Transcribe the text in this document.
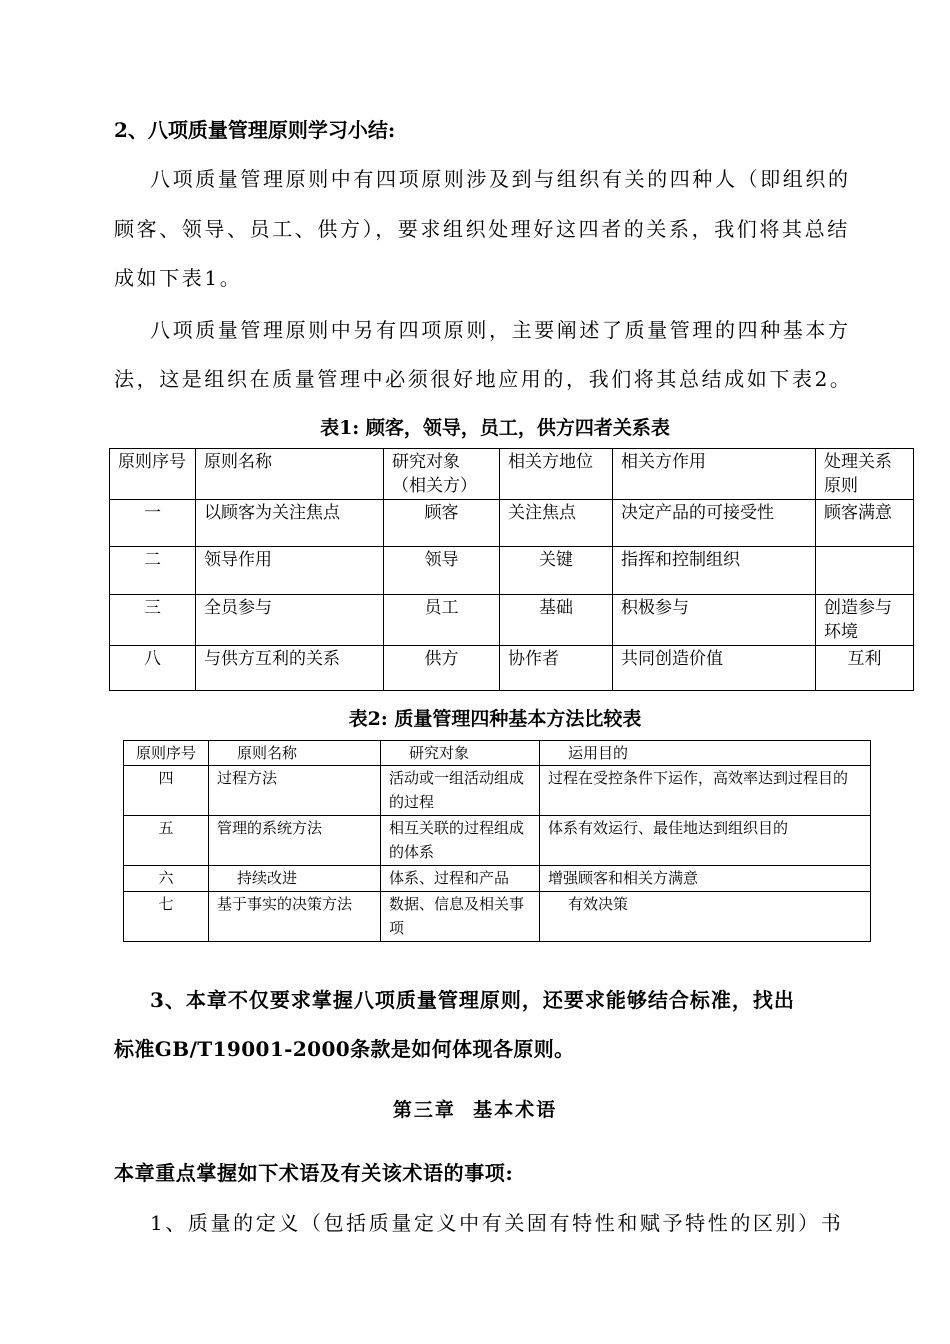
2、八项质量管理原则学习小结:
八项质量管理原则中有四项原则涉及到与组织有关的四种人（即组织的
顾客、领导、员工、供方），要求组织处理好这四者的关系，我们将其总结
成如下表1。
八项质量管理原则中另有四项原则，主要阐述了质量管理的四种基本方
法，这是组织在质量管理中必须很好地应用的，我们将其总结成如下表2。
表1: 顾客，领导，员工，供方四者关系表
原则序号	原则名称	研究对象（相关方）	相关方地位	相关方作用	处理关系原则
一	以顾客为关注焦点	顾客	关注焦点	决定产品的可接受性	顾客满意
二	领导作用	领导	关键	指挥和控制组织	
三	全员参与	员工	基础	积极参与	创造参与环境
八	与供方互利的关系	供方	协作者	共同创造价值	互利
表2: 质量管理四种基本方法比较表
原则序号	原则名称	研究对象	运用目的
四	过程方法	活动或一组活动组成的过程	过程在受控条件下运作，高效率达到过程目的
五	管理的系统方法	相互关联的过程组成的体系	体系有效运行、最佳地达到组织目的
六	持续改进	体系、过程和产品	增强顾客和相关方满意
七	基于事实的决策方法	数据、信息及相关事项	有效决策
3、本章不仅要求掌握八项质量管理原则，还要求能够结合标准，找出
标准GB/T19001-2000条款是如何体现各原则。
第三章  基本术语
本章重点掌握如下术语及有关该术语的事项:
1、质量的定义（包括质量定义中有关固有特性和赋予特性的区别）书
